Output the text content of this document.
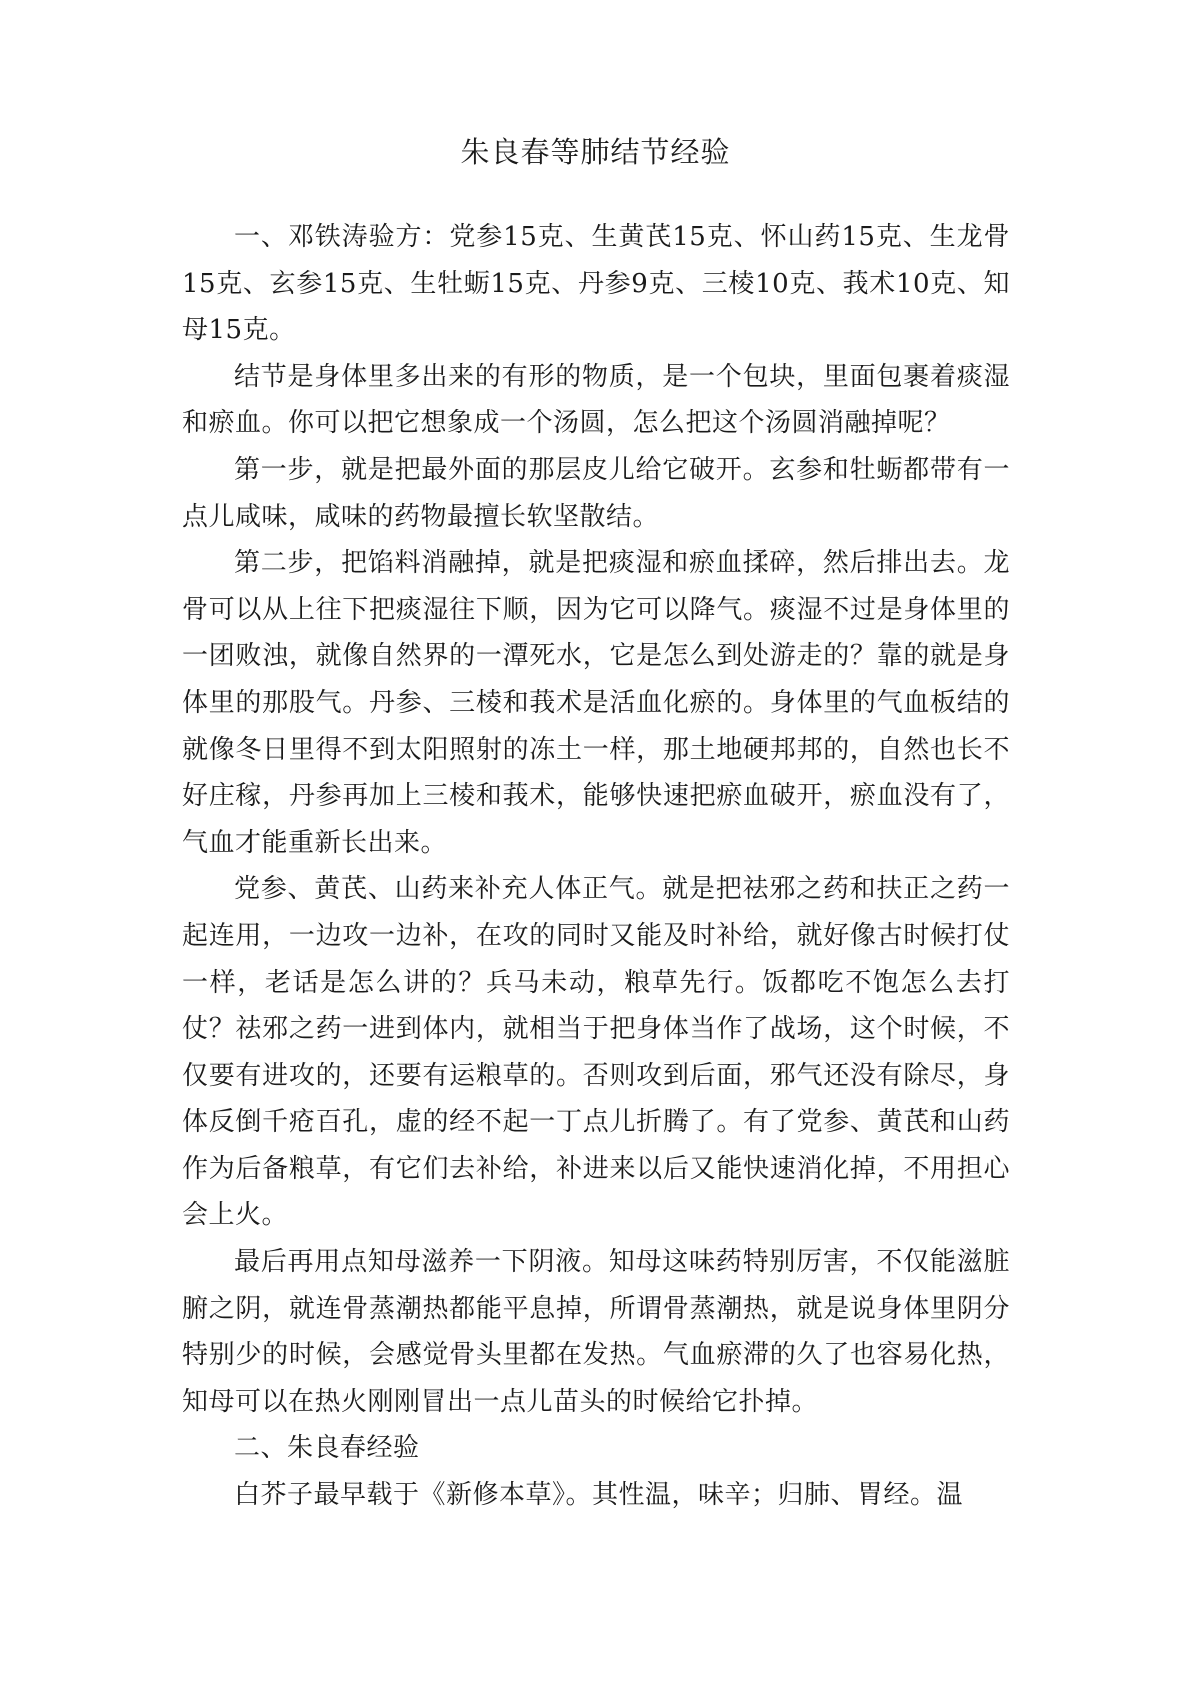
朱良春等肺结节经验

一、邓铁涛验方：党参15克、生黄芪15克、怀山药15克、生龙骨15克、玄参15克、生牡蛎15克、丹参9克、三棱10克、莪术10克、知母15克。

结节是身体里多出来的有形的物质，是一个包块，里面包裹着痰湿和瘀血。你可以把它想象成一个汤圆，怎么把这个汤圆消融掉呢？

第一步，就是把最外面的那层皮儿给它破开。玄参和牡蛎都带有一点儿咸味，咸味的药物最擅长软坚散结。

第二步，把馅料消融掉，就是把痰湿和瘀血揉碎，然后排出去。龙骨可以从上往下把痰湿往下顺，因为它可以降气。痰湿不过是身体里的一团败浊，就像自然界的一潭死水，它是怎么到处游走的？靠的就是身体里的那股气。丹参、三棱和莪术是活血化瘀的。身体里的气血板结的就像冬日里得不到太阳照射的冻土一样，那土地硬邦邦的，自然也长不好庄稼，丹参再加上三棱和莪术，能够快速把瘀血破开，瘀血没有了，气血才能重新长出来。

党参、黄芪、山药来补充人体正气。就是把祛邪之药和扶正之药一起连用，一边攻一边补，在攻的同时又能及时补给，就好像古时候打仗一样，老话是怎么讲的？兵马未动，粮草先行。饭都吃不饱怎么去打仗？祛邪之药一进到体内，就相当于把身体当作了战场，这个时候，不仅要有进攻的，还要有运粮草的。否则攻到后面，邪气还没有除尽，身体反倒千疮百孔，虚的经不起一丁点儿折腾了。有了党参、黄芪和山药作为后备粮草，有它们去补给，补进来以后又能快速消化掉，不用担心会上火。

最后再用点知母滋养一下阴液。知母这味药特别厉害，不仅能滋脏腑之阴，就连骨蒸潮热都能平息掉，所谓骨蒸潮热，就是说身体里阴分特别少的时候，会感觉骨头里都在发热。气血瘀滞的久了也容易化热，知母可以在热火刚刚冒出一点儿苗头的时候给它扑掉。

二、朱良春经验

白芥子最早载于《新修本草》。其性温，味辛；归肺、胃经。温
